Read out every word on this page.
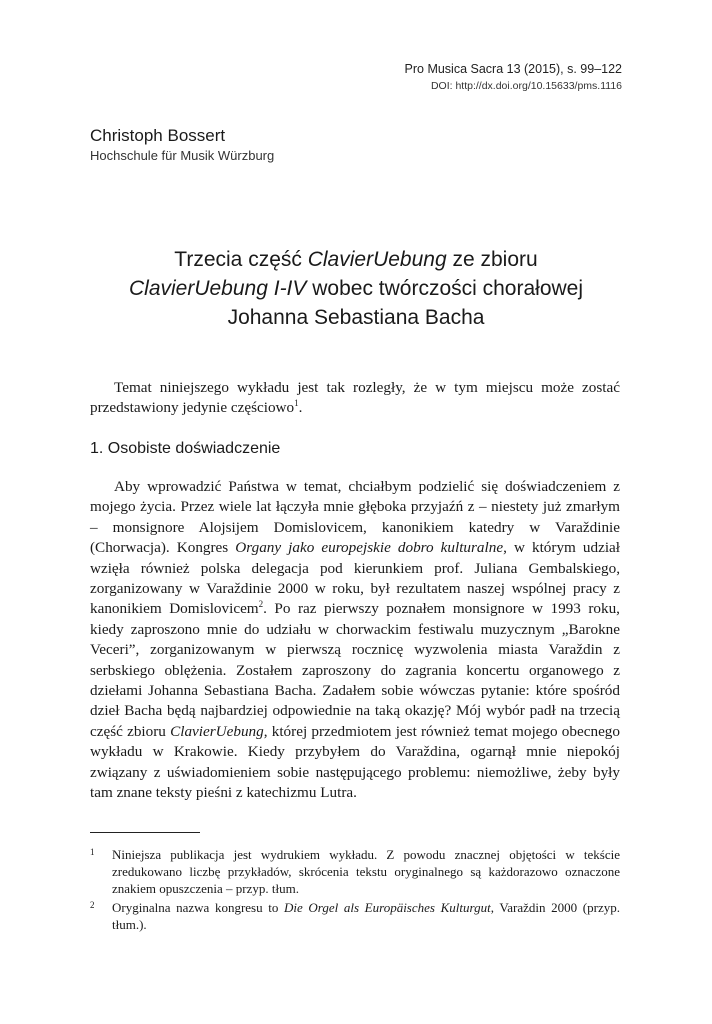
Pro Musica Sacra 13 (2015), s. 99–122
DOI: http://dx.doi.org/10.15633/pms.1116
Christoph Bossert
Hochschule für Musik Würzburg
Trzecia część ClavierUebung ze zbioru
ClavierUebung I-IV wobec twórczości chorałowej
Johanna Sebastiana Bacha

Temat niniejszego wykładu jest tak rozległy, że w tym miejscu może zostać przedstawiony jedynie częściowo$^1$.

1. Osobiste doświadczenie

Aby wprowadzić Państwa w temat, chciałbym podzielić się doświadczeniem z mojego życia. Przez wiele lat łączyła mnie głęboka przyjaźń z – niestety już zmarłym – monsignore Alojsijem Domislovicem, kanonikiem katedry w Varaždinie (Chorwacja). Kongres Organy jako europejskie dobro kulturalne, w którym udział wzięła również polska delegacja pod kierunkiem prof. Juliana Gembalskiego, zorganizowany w Varaždinie 2000 w roku, był rezultatem naszej wspólnej pracy z kanonikiem Domislovicem$^2$. Po raz pierwszy poznałem monsignore w 1993 roku, kiedy zaproszono mnie do udziału w chorwackim festiwalu muzycznym „Barokne Veceri”, zorganizowanym w pierwszą rocznicę wyzwolenia miasta Varaždin z serbskiego oblężenia. Zostałem zaproszony do zagrania koncertu organowego z dziełami Johanna Sebastiana Bacha. Zadałem sobie wówczas pytanie: które spośród dzieł Bacha będą najbardziej odpowiednie na taką okazję? Mój wybór padł na trzecią część zbioru ClavierUebung, której przedmiotem jest również temat mojego obecnego wykładu w Krakowie. Kiedy przybyłem do Varaždina, ogarnął mnie niepokój związany z uświadomieniem sobie następującego problemu: niemożliwe, żeby były tam znane teksty pieśni z katechizmu Lutra.

1 Niniejsza publikacja jest wydrukiem wykładu. Z powodu znacznej objętości w tekście zredukowano liczbę przykładów, skrócenia tekstu oryginalnego są każdorazowo oznaczone znakiem opuszczenia – przyp. tłum.
2 Oryginalna nazwa kongresu to Die Orgel als Europäisches Kulturgut, Varaždin 2000 (przyp. tłum.).
